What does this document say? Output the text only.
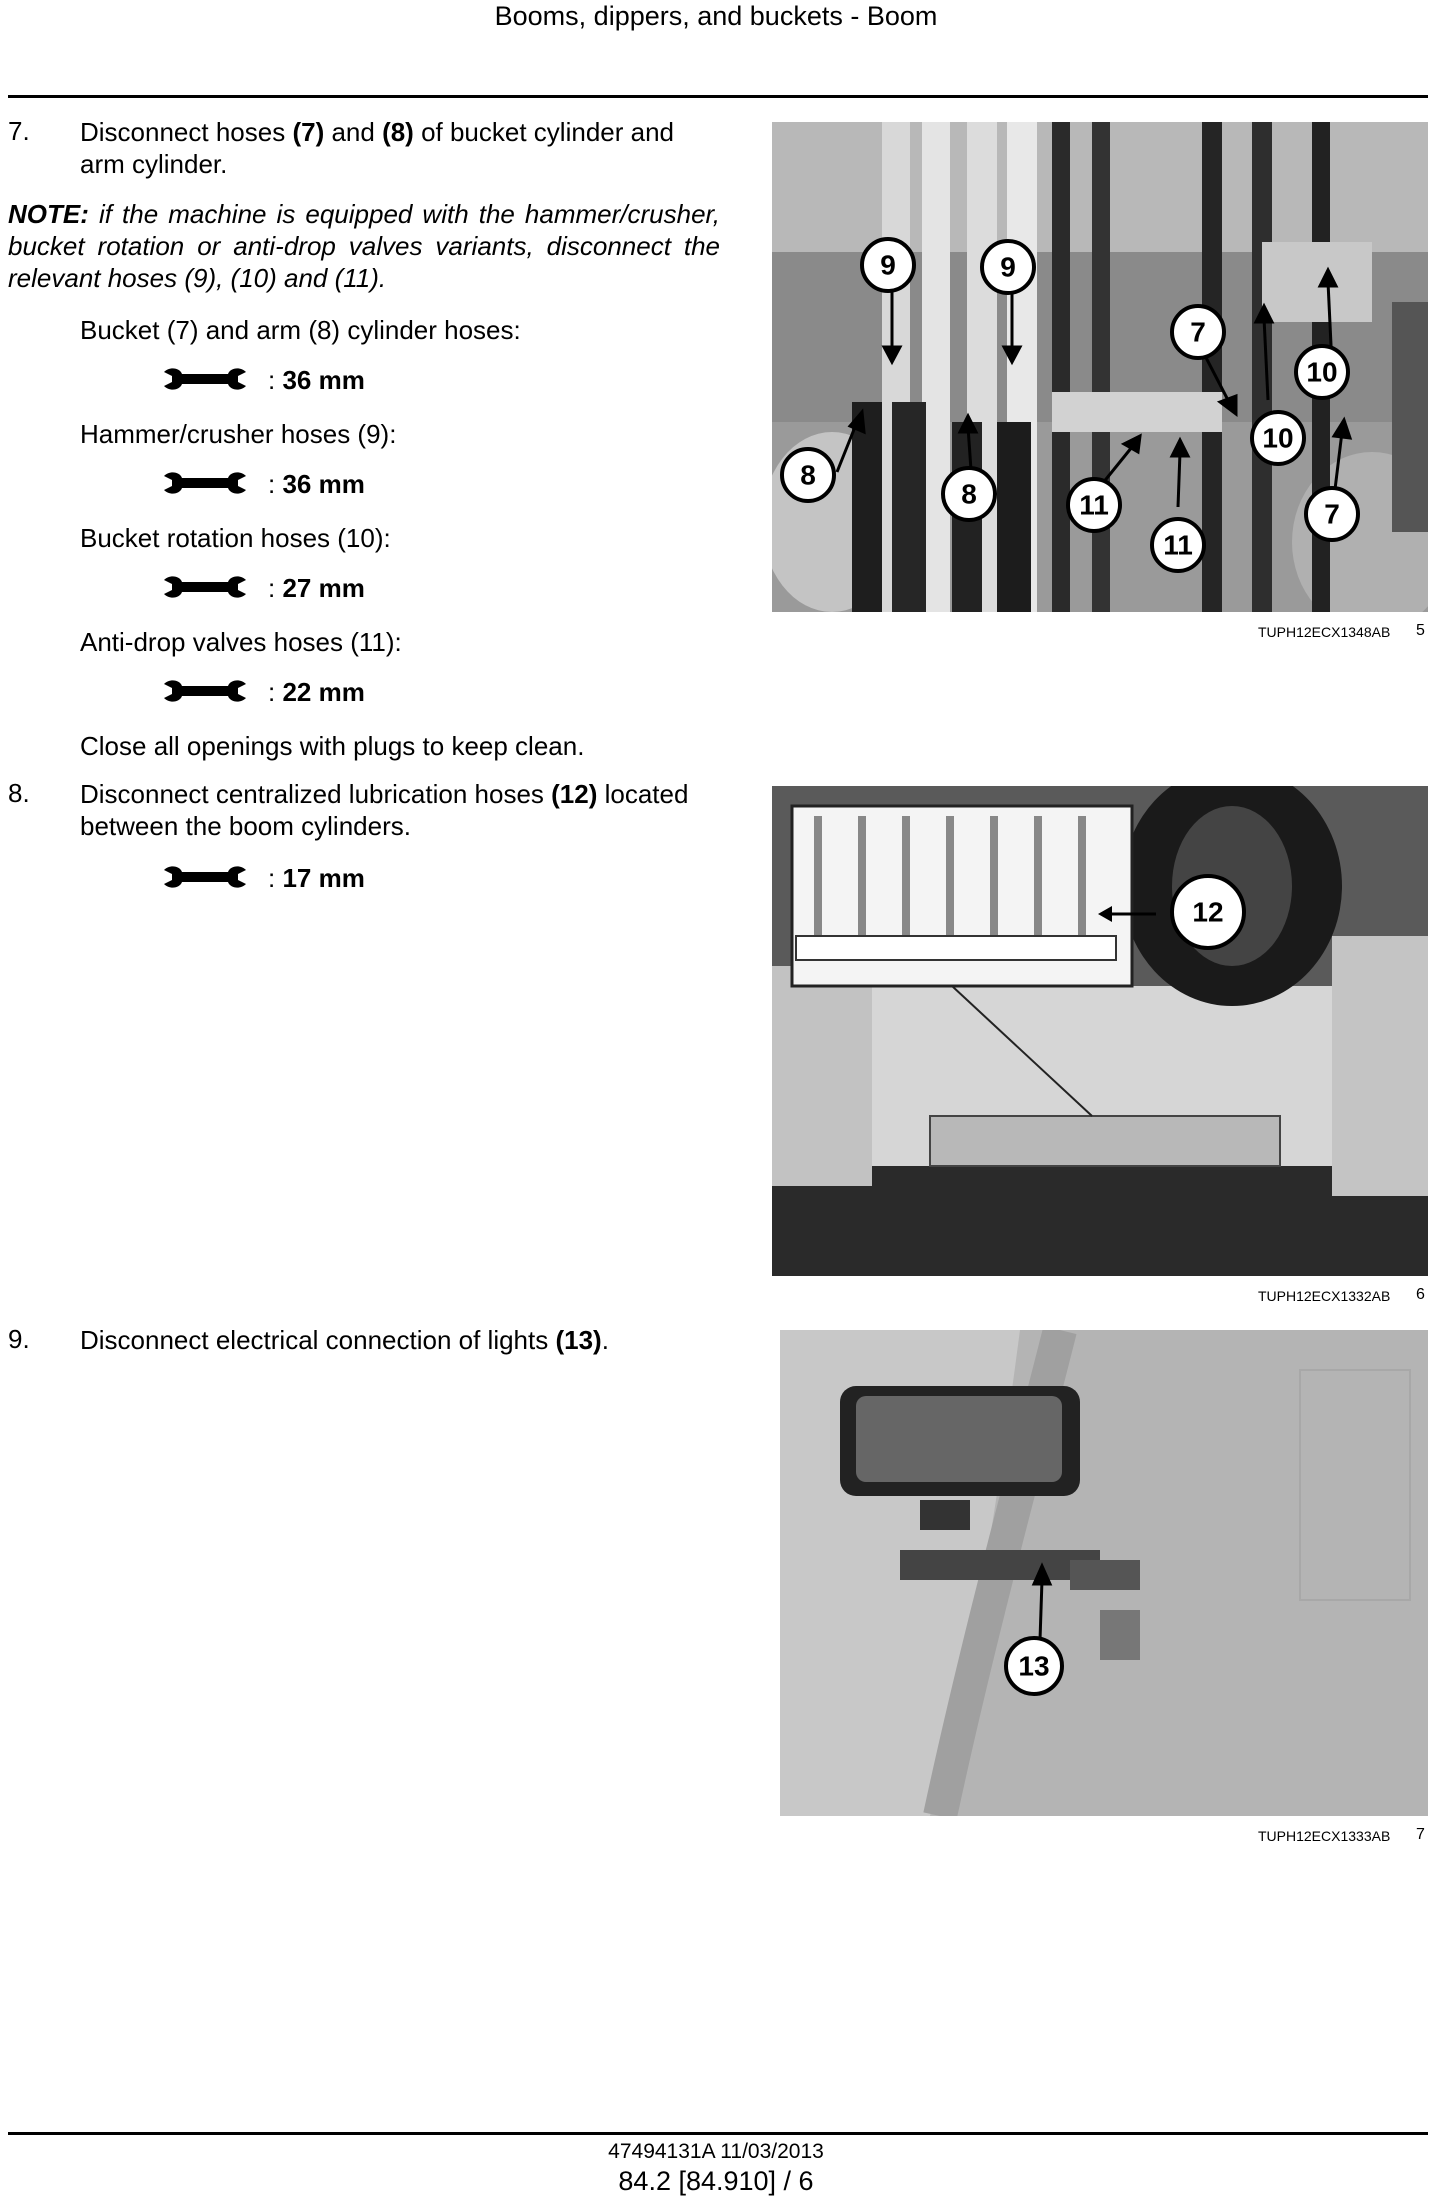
Booms, dippers, and buckets - Boom
7. Disconnect hoses (7) and (8) of bucket cylinder and arm cylinder.
NOTE: if the machine is equipped with the hammer/crusher, bucket rotation or anti-drop valves variants, disconnect the relevant hoses (9), (10) and (11).
Bucket (7) and arm (8) cylinder hoses:
: 36 mm
Hammer/crusher hoses (9):
: 36 mm
Bucket rotation hoses (10):
: 27 mm
Anti-drop valves hoses (11):
: 22 mm
Close all openings with plugs to keep clean.
8. Disconnect centralized lubrication hoses (12) located between the boom cylinders.
: 17 mm
9. Disconnect electrical connection of lights (13).
9	9
7
10
8
8	11
11
10
7
TUPH12ECX1348AB 5
12
TUPH12ECX1332AB 6
13
TUPH12ECX1333AB 7
47494131A 11/03/2013
84.2 [84.910] / 6
